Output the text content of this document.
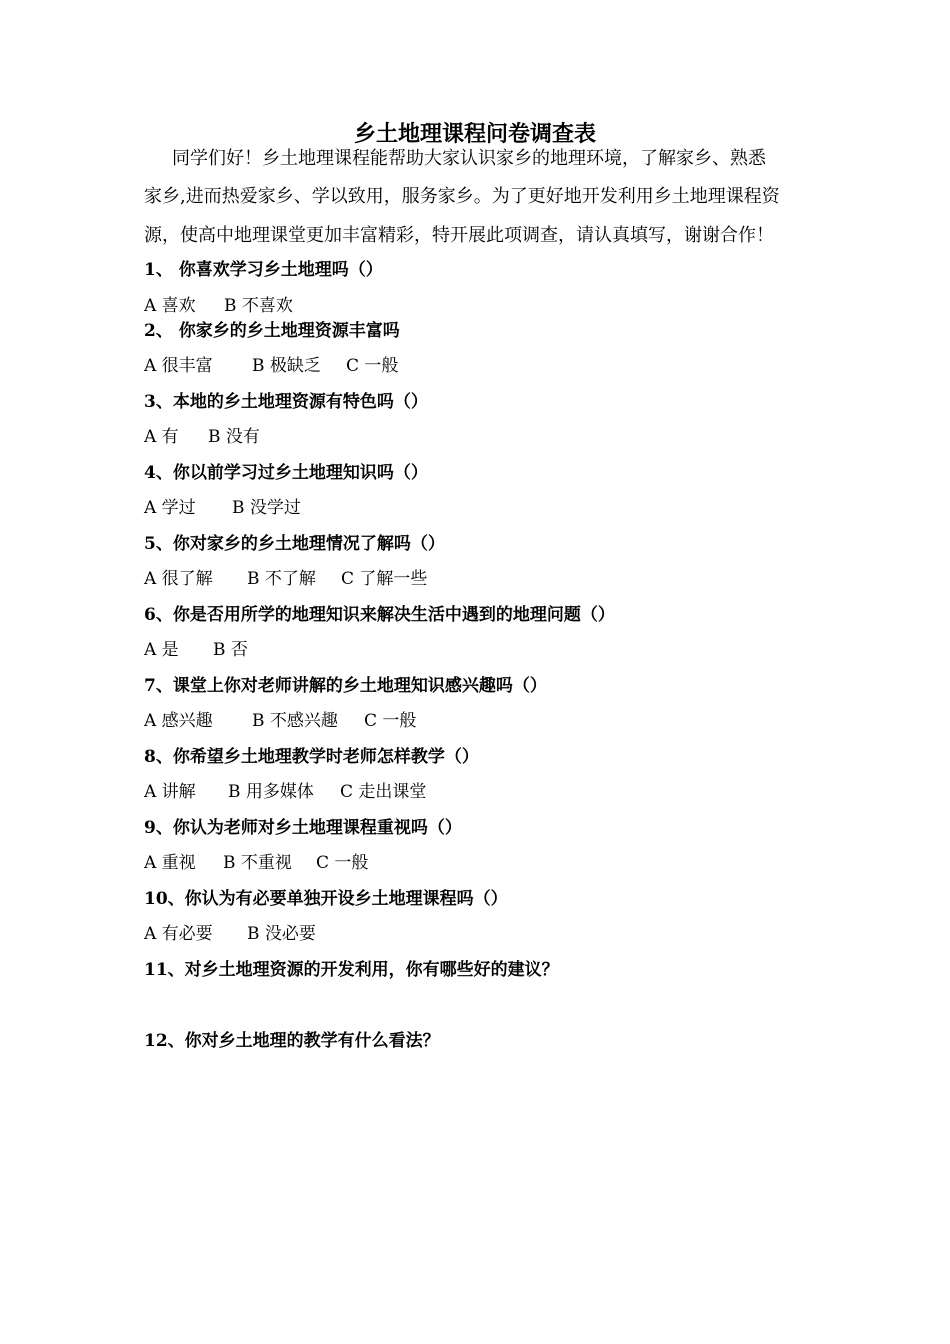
乡土地理课程问卷调查表
同学们好！乡土地理课程能帮助大家认识家乡的地理环境，了解家乡、熟悉
家乡,进而热爱家乡、学以致用，服务家乡。为了更好地开发利用乡土地理课程资
源，使高中地理课堂更加丰富精彩，特开展此项调查，请认真填写，谢谢合作！
1、 你喜欢学习乡土地理吗（）
A 喜欢 B 不喜欢
2、 你家乡的乡土地理资源丰富吗
A 很丰富 B 极缺乏 C 一般
3、本地的乡土地理资源有特色吗（）
A 有 B 没有
4、你以前学习过乡土地理知识吗（）
A 学过 B 没学过
5、你对家乡的乡土地理情况了解吗（）
A 很了解 B 不了解 C 了解一些
6、你是否用所学的地理知识来解决生活中遇到的地理问题（）
A 是 B 否
7、课堂上你对老师讲解的乡土地理知识感兴趣吗（）
A 感兴趣 B 不感兴趣 C 一般
8、你希望乡土地理教学时老师怎样教学（）
A 讲解 B 用多媒体 C 走出课堂
9、你认为老师对乡土地理课程重视吗（）
A 重视 B 不重视 C 一般
10、你认为有必要单独开设乡土地理课程吗（）
A 有必要 B 没必要
11、对乡土地理资源的开发利用，你有哪些好的建议？
12、你对乡土地理的教学有什么看法？
